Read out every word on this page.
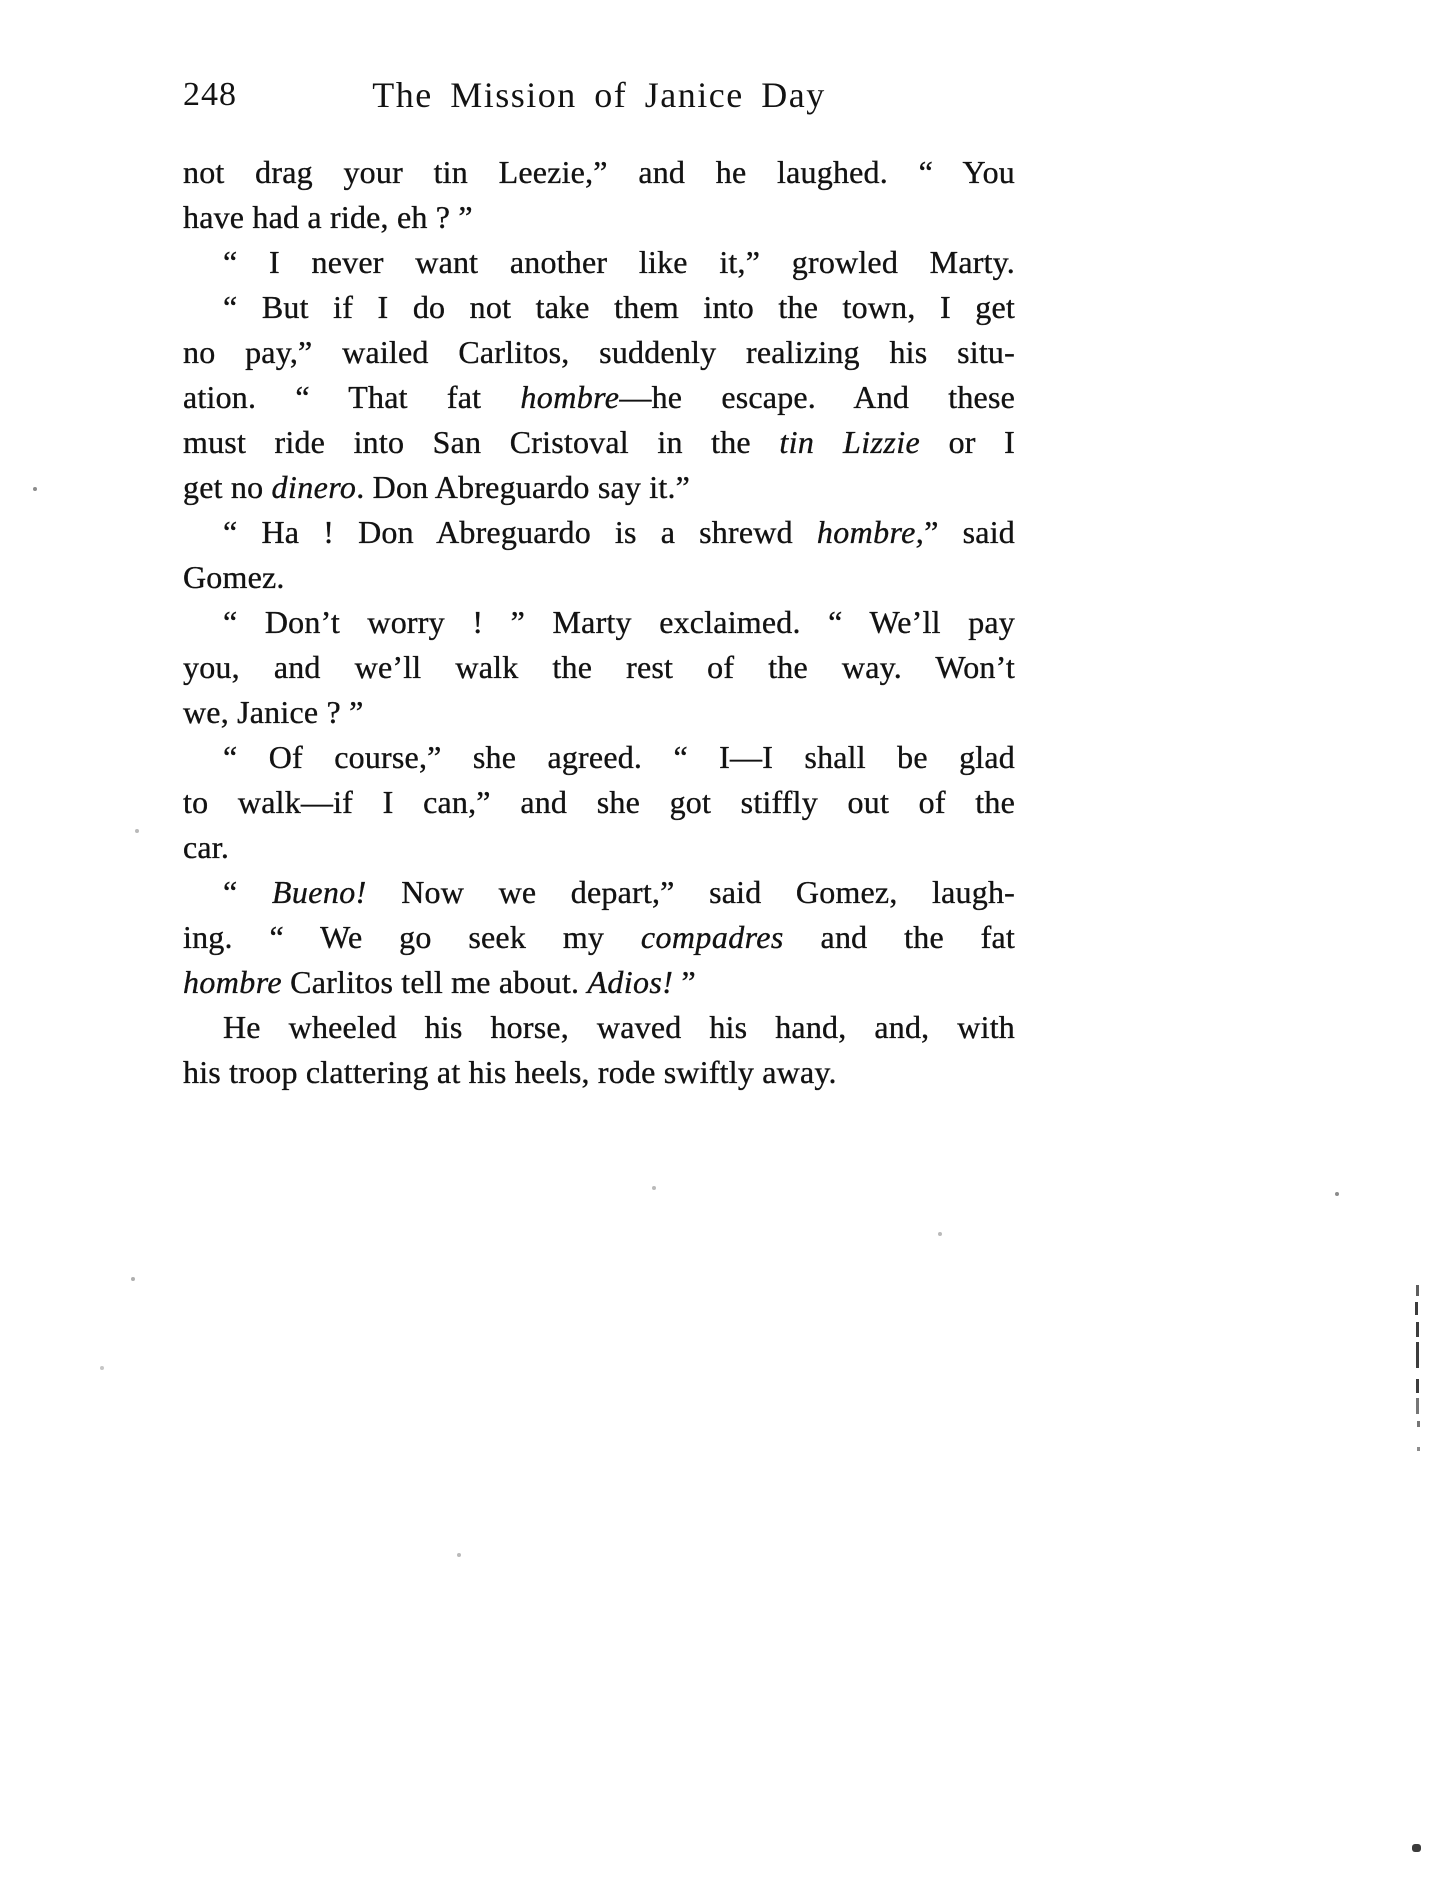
248	The Mission of Janice Day
not drag your tin Leezie,” and he laughed. “ You
have had a ride, eh ? ”
“ I never want another like it,” growled Marty.
“ But if I do not take them into the town, I get
no pay,” wailed Carlitos, suddenly realizing his situ-
ation. “ That fat hombre—he escape. And these
must ride into San Cristoval in the tin Lizzie or I
get no dinero. Don Abreguardo say it.”
“ Ha ! Don Abreguardo is a shrewd hombre,” said
Gomez.
“ Don’t worry ! ” Marty exclaimed. “ We’ll pay
you, and we’ll walk the rest of the way. Won’t
we, Janice ? ”
“ Of course,” she agreed. “ I—I shall be glad
to walk—if I can,” and she got stiffly out of the
car.
“ Bueno! Now we depart,” said Gomez, laugh-
ing. “ We go seek my compadres and the fat
hombre Carlitos tell me about. Adios! ”
He wheeled his horse, waved his hand, and, with
his troop clattering at his heels, rode swiftly away.
